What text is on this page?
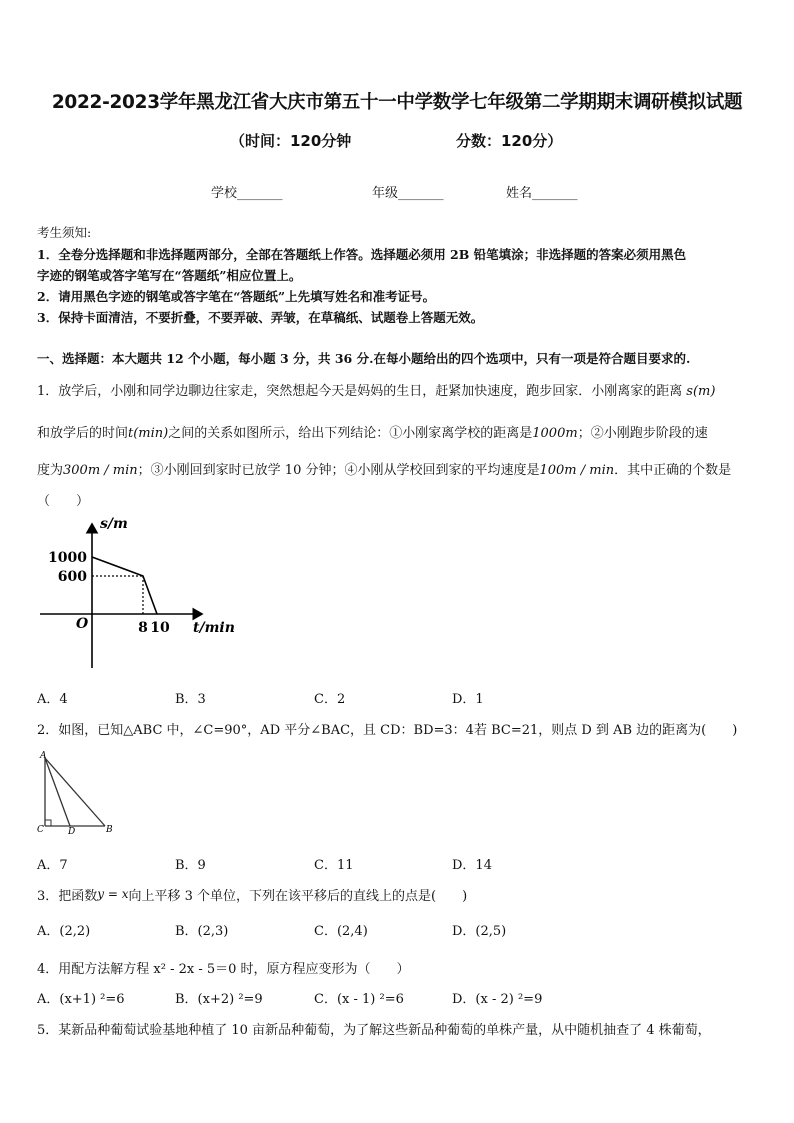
2022-2023学年黑龙江省大庆市第五十一中学数学七年级第二学期期末调研模拟试题
（时间：120分钟	分数：120分）
学校_______	年级_______	姓名_______
考生须知:
1．全卷分选择题和非选择题两部分，全部在答题纸上作答。选择题必须用 2B 铅笔填涂；非选择题的答案必须用黑色
字迹的钢笔或答字笔写在“答题纸”相应位置上。
2．请用黑色字迹的钢笔或答字笔在“答题纸”上先填写姓名和准考证号。
3．保持卡面清洁，不要折叠，不要弄破、弄皱，在草稿纸、试题卷上答题无效。
一、选择题：本大题共 12 个小题，每小题 3 分，共 36 分.在每小题给出的四个选项中，只有一项是符合题目要求的.
1．放学后，小刚和同学边聊边往家走，突然想起今天是妈妈的生日，赶紧加快速度，跑步回家．小刚离家的距离 s(m)
和放学后的时间t(min)之间的关系如图所示，给出下列结论：①小刚家离学校的距离是1000m；②小刚跑步阶段的速
度为300m / min；③小刚回到家时已放学 10 分钟；④小刚从学校回到家的平均速度是100m / min．其中正确的个数是
（　　）
s/m
t/min
O
1000
600
8 10
A．4	B．3	C．2	D．1
2．如图，已知△ABC 中，∠C=90°，AD 平分∠BAC，且 CD：BD=3：4若 BC=21，则点 D 到 AB 边的距离为(　　)
A
C	D	B
A．7	B．9	C．11	D．14
3．把函数y = x向上平移 3 个单位，下列在该平移后的直线上的点是(　　)
A．(2,2)	B．(2,3)	C．(2,4)	D．(2,5)
4．用配方法解方程 x² - 2x - 5＝0 时，原方程应变形为（　　）
A．(x+1) ²=6	B．(x+2) ²=9	C．(x - 1) ²=6	D．(x - 2) ²=9
5．某新品种葡萄试验基地种植了 10 亩新品种葡萄，为了解这些新品种葡萄的单株产量，从中随机抽查了 4 株葡萄，
